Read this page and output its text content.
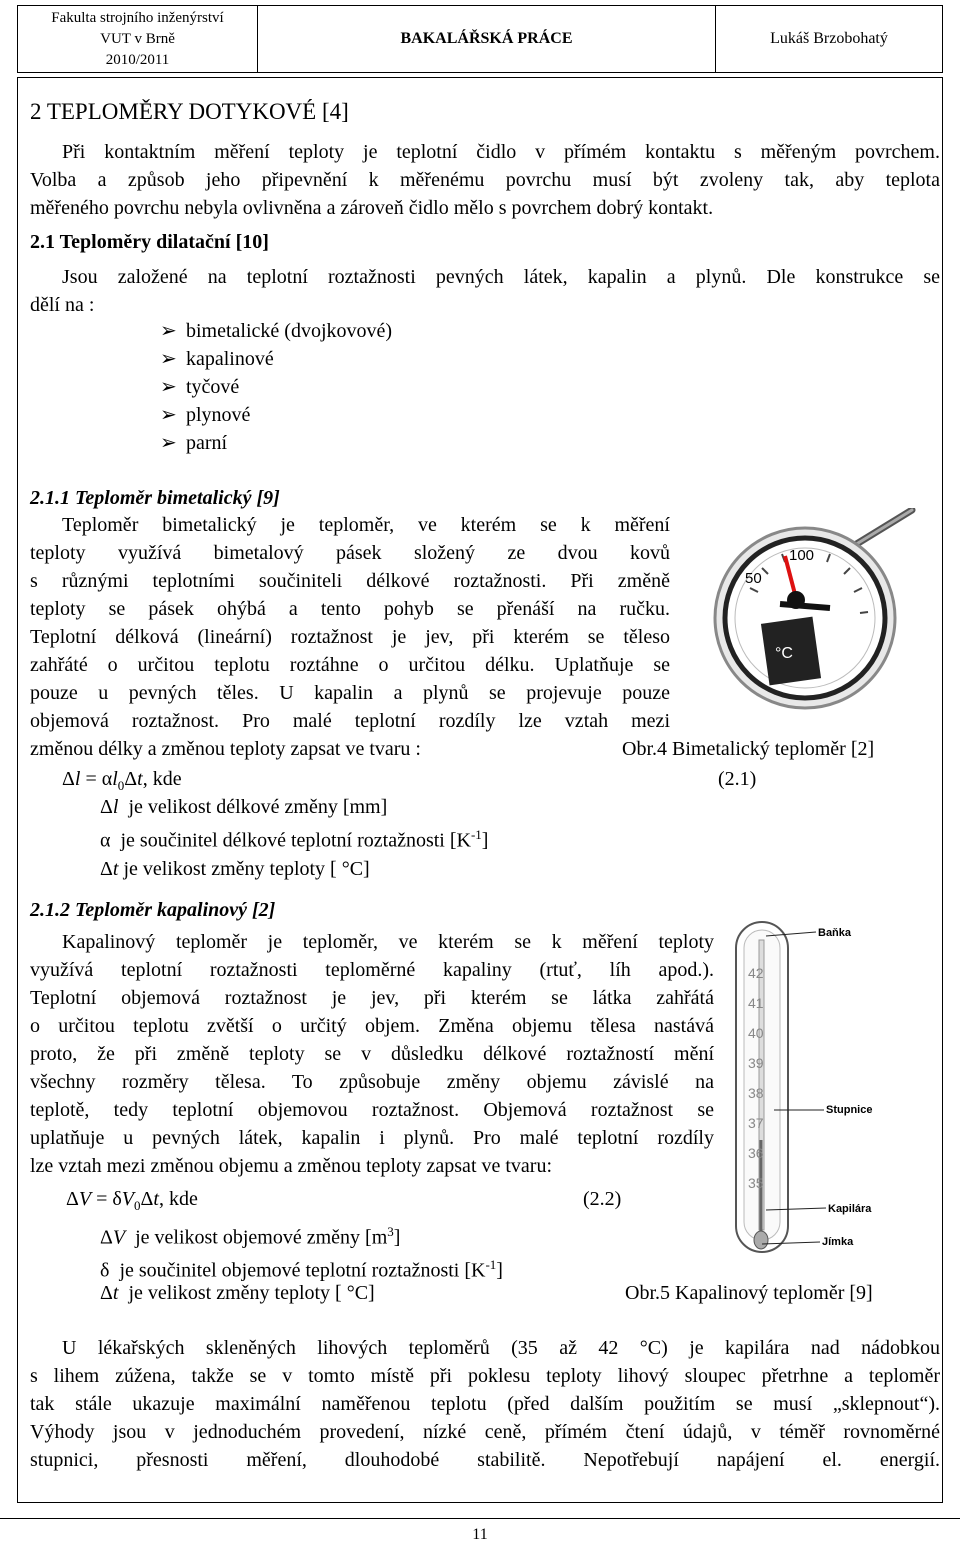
Fakulta strojního inženýrství
VUT v Brně
2010/2011
BAKALÁŘSKÁ PRÁCE	Lukáš Brzobohatý
2 TEPLOMĚRY DOTYKOVÉ [4]
Při kontaktním měření teploty je teplotní čidlo v přímém kontaktu s měřeným povrchem.
Volba a způsob jeho připevnění k měřenému povrchu musí být zvoleny tak, aby teplota
měřeného povrchu nebyla ovlivněna a zároveň čidlo mělo s povrchem dobrý kontakt.
2.1 Teploměry dilatační [10]
Jsou založené na teplotní roztažnosti pevných látek, kapalin a plynů. Dle konstrukce se
dělí na :
➢ bimetalické (dvojkovové)
➢ kapalinové
➢ tyčové
➢ plynové
➢ parní
2.1.1 Teploměr bimetalický [9]
Teploměr bimetalický je teploměr, ve kterém se k měření
teploty využívá bimetalový pásek složený ze dvou kovů
s různými teplotními součiniteli délkové roztažnosti. Při změně
teploty se pásek ohýbá a tento pohyb se přenáší na ručku.
Teplotní délková (lineární) roztažnost je jev, při kterém se těleso
zahřáté o určitou teplotu roztáhne o určitou délku. Uplatňuje se
pouze u pevných těles. U kapalin a plynů se projevuje pouze
objemová roztažnost. Pro malé teplotní rozdíly lze vztah mezi
změnou délky a změnou teploty zapsat ve tvaru :	Obr.4 Bimetalický teploměr [2]
50
100
°C
$\Delta l = \alpha l_0\Delta t$, kde	(2.1)
Δl je velikost délkové změny [mm]
α  je součinitel délkové teplotní roztažnosti $[K^{-1}]$
Δt je velikost změny teploty [ °C]
2.1.2 Teploměr kapalinový [2]
Kapalinový teploměr je teploměr, ve kterém se k měření teploty
využívá teplotní roztažnosti teploměrné kapaliny (rtuť, líh apod.).
Teplotní objemová roztažnost je jev, při kterém se látka zahřátá
o určitou teplotu zvětší o určitý objem. Změna objemu tělesa nastává
proto, že při změně teploty se v důsledku délkové roztažností mění
všechny rozměry tělesa. To způsobuje změny objemu závislé na
teplotě, tedy teplotní objemovou roztažnost. Objemová roztažnost se
uplatňuje u pevných látek, kapalin i plynů. Pro malé teplotní rozdíly
lze vztah mezi změnou objemu a změnou teploty zapsat ve tvaru:
$\Delta V = \delta V_0\Delta t$, kde	(2.2)
ΔV je velikost objemové změny $[m^3]$
δ  je součinitel objemové teplotní roztažnosti $[K^{-1}]$
Δt je velikost změny teploty [ °C]	Obr.5 Kapalinový teploměr [9]
42
41
40
39
38
37
36
35
Baňka
Stupnice
Kapilára
Jímka
U lékařských skleněných lihových teploměrů (35 až 42 °C) je kapilára nad nádobkou
s lihem zúžena, takže se v tomto místě při poklesu teploty lihový sloupec přetrhne a teploměr
tak stále ukazuje maximální naměřenou teplotu (před dalším použitím se musí „sklepnout“).
Výhody jsou v jednoduchém provedení, nízké ceně, přímém čtení údajů, v téměř rovnoměrné
stupnici, přesnosti měření, dlouhodobé stabilitě. Nepotřebují napájení el. energií.
11
